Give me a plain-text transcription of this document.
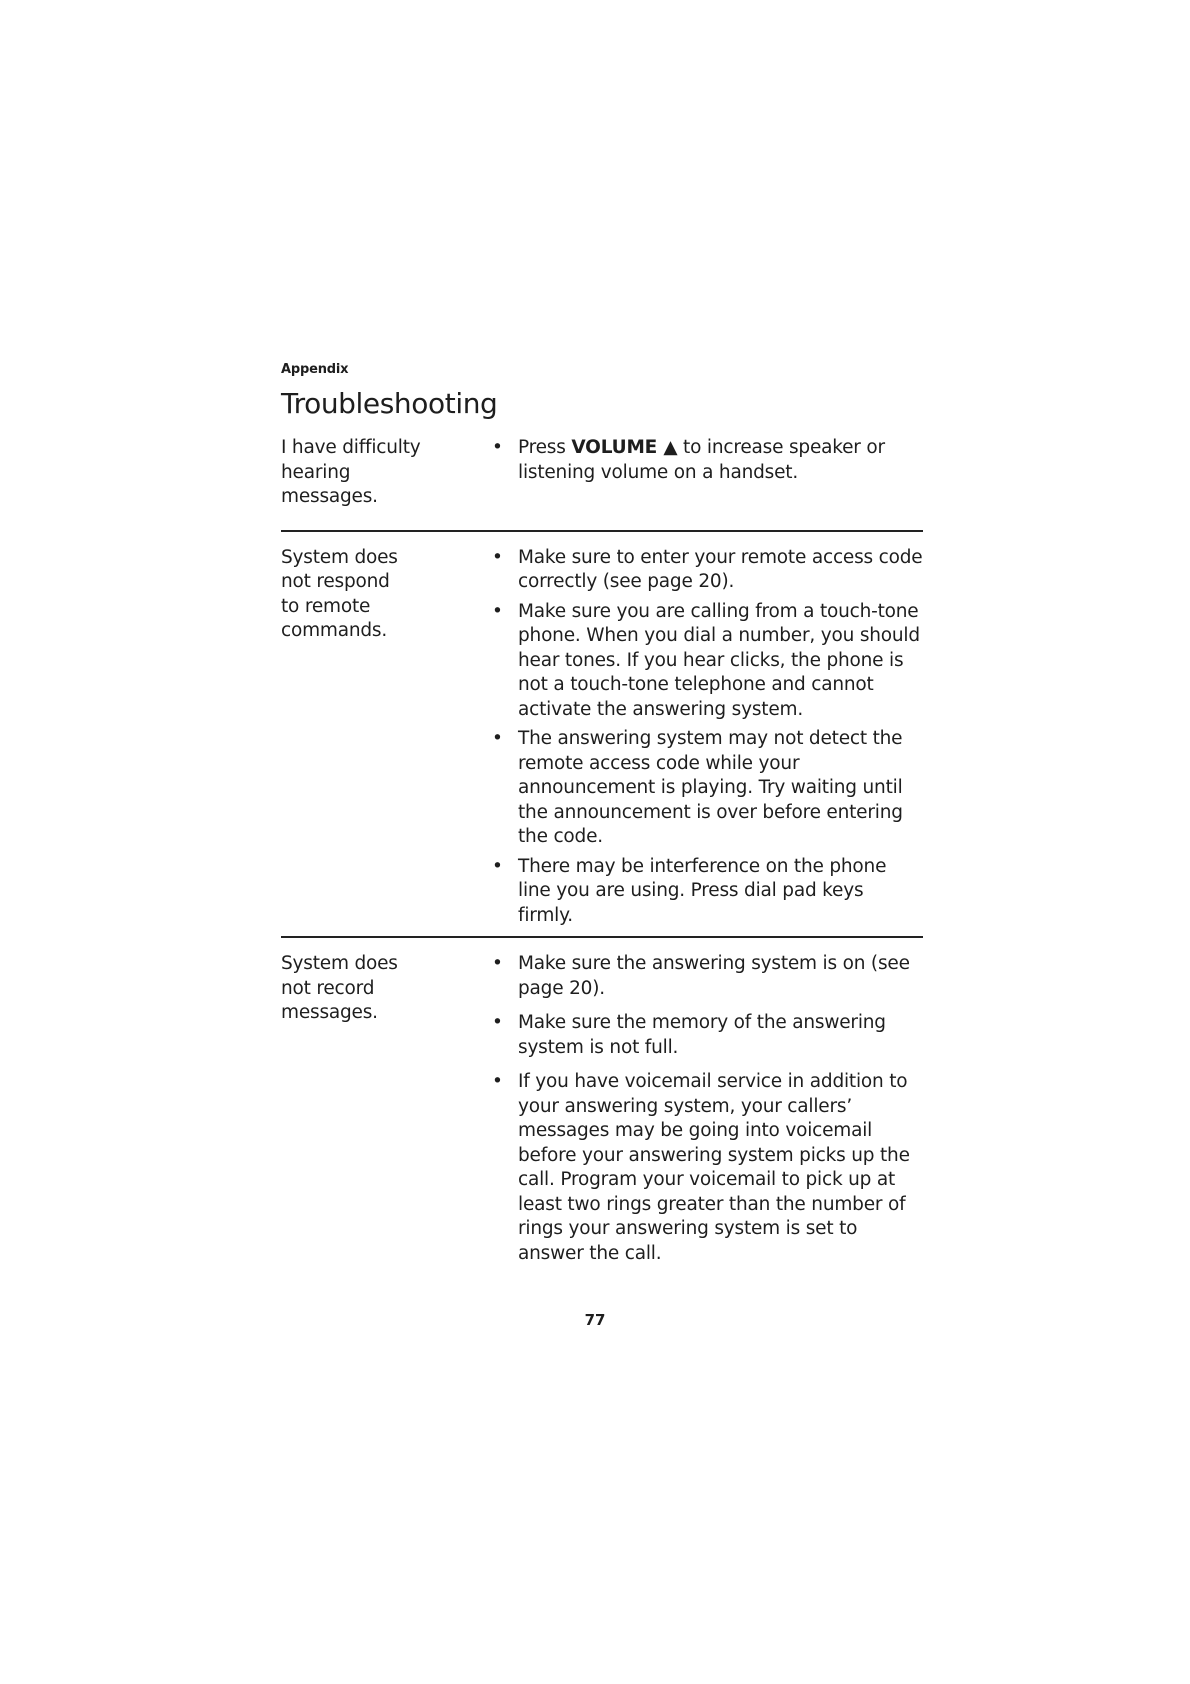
Appendix

Troubleshooting
I have difficulty
hearing
messages.
• Press VOLUME ▲ to increase speaker or listening volume on a handset.
System does
not respond
to remote
commands.
• Make sure to enter your remote access code correctly (see page 20).
• Make sure you are calling from a touch-tone phone. When you dial a number, you should hear tones. If you hear clicks, the phone is not a touch-tone telephone and cannot activate the answering system.
• The answering system may not detect the remote access code while your announcement is playing. Try waiting until the announcement is over before entering the code.
• There may be interference on the phone line you are using. Press dial pad keys firmly.
System does
not record
messages.
• Make sure the answering system is on (see page 20).
• Make sure the memory of the answering system is not full.
• If you have voicemail service in addition to your answering system, your callers’ messages may be going into voicemail before your answering system picks up the call. Program your voicemail to pick up at least two rings greater than the number of rings your answering system is set to answer the call.
77
